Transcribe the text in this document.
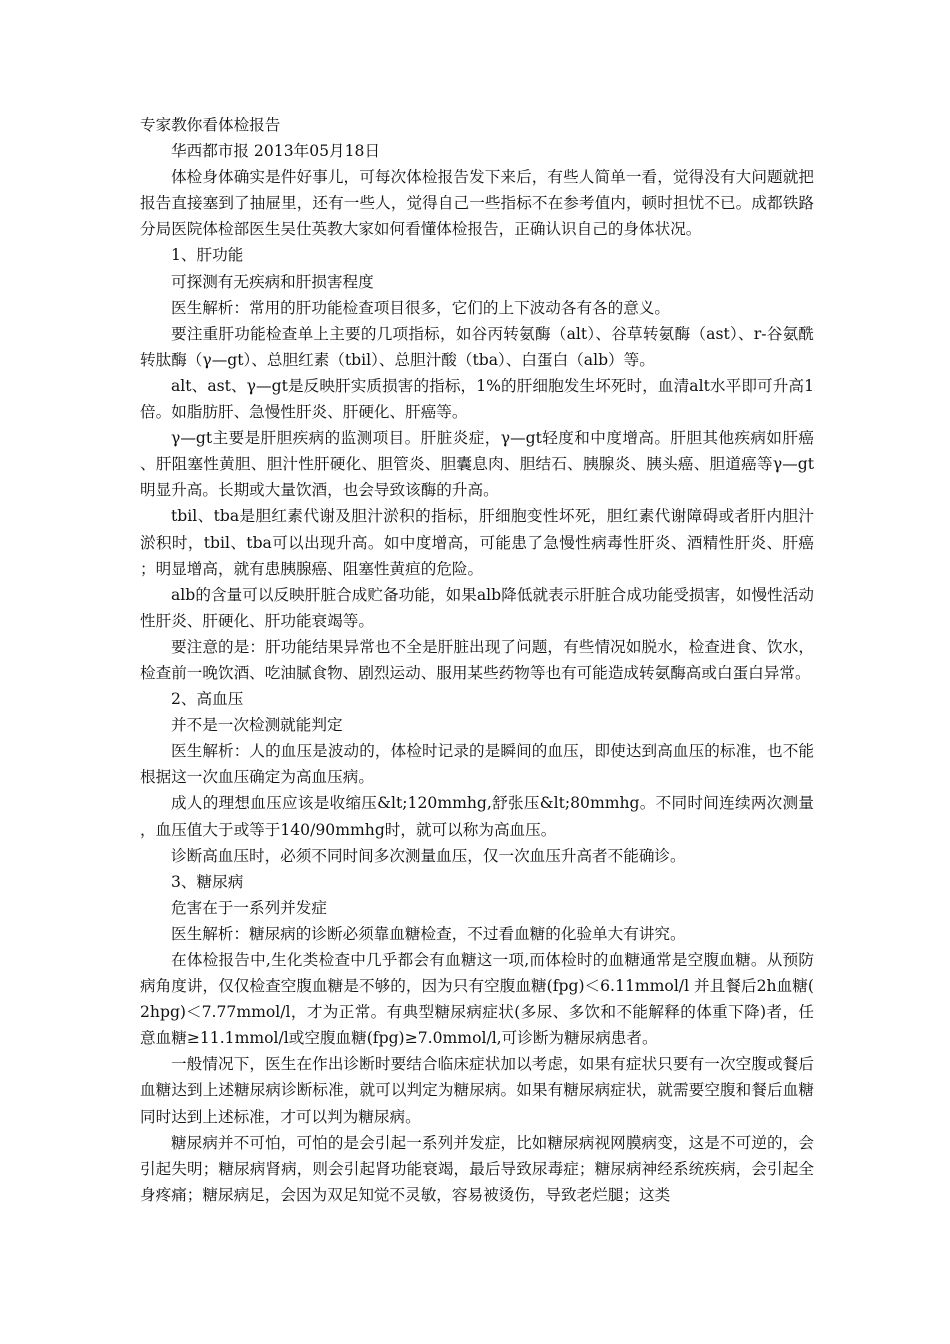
专家教你看体检报告

华西都市报 2013年05月18日

体检身体确实是件好事儿，可每次体检报告发下来后，有些人简单一看，觉得没有大问题就把报告直接塞到了抽屉里，还有一些人，觉得自己一些指标不在参考值内，顿时担忧不已。成都铁路分局医院体检部医生吴仕英教大家如何看懂体检报告，正确认识自己的身体状况。

1、肝功能

可探测有无疾病和肝损害程度

医生解析：常用的肝功能检查项目很多，它们的上下波动各有各的意义。

要注重肝功能检查单上主要的几项指标，如谷丙转氨酶（alt）、谷草转氨酶（ast）、r-谷氨酰转肽酶（γ—gt）、总胆红素（tbil）、总胆汁酸（tba）、白蛋白（alb）等。

alt、ast、γ—gt是反映肝实质损害的指标，1%的肝细胞发生坏死时，血清alt水平即可升高1倍。如脂肪肝、急慢性肝炎、肝硬化、肝癌等。

γ—gt主要是肝胆疾病的监测项目。肝脏炎症，γ—gt轻度和中度增高。肝胆其他疾病如肝癌、肝阻塞性黄胆、胆汁性肝硬化、胆管炎、胆囊息肉、胆结石、胰腺炎、胰头癌、胆道癌等γ—gt明显升高。长期或大量饮酒，也会导致该酶的升高。

tbil、tba是胆红素代谢及胆汁淤积的指标，肝细胞变性坏死，胆红素代谢障碍或者肝内胆汁淤积时，tbil、tba可以出现升高。如中度增高，可能患了急慢性病毒性肝炎、酒精性肝炎、肝癌；明显增高，就有患胰腺癌、阻塞性黄疸的危险。

alb的含量可以反映肝脏合成贮备功能，如果alb降低就表示肝脏合成功能受损害，如慢性活动性肝炎、肝硬化、肝功能衰竭等。

要注意的是：肝功能结果异常也不全是肝脏出现了问题，有些情况如脱水，检查进食、饮水，检查前一晚饮酒、吃油腻食物、剧烈运动、服用某些药物等也有可能造成转氨酶高或白蛋白异常。

2、高血压

并不是一次检测就能判定

医生解析：人的血压是波动的，体检时记录的是瞬间的血压，即使达到高血压的标准，也不能根据这一次血压确定为高血压病。

成人的理想血压应该是收缩压&lt;120mmhg,舒张压&lt;80mmhg。不同时间连续两次测量，血压值大于或等于140/90mmhg时，就可以称为高血压。

诊断高血压时，必须不同时间多次测量血压，仅一次血压升高者不能确诊。

3、糖尿病

危害在于一系列并发症

医生解析：糖尿病的诊断必须靠血糖检查，不过看血糖的化验单大有讲究。

在体检报告中,生化类检查中几乎都会有血糖这一项,而体检时的血糖通常是空腹血糖。从预防病角度讲，仅仅检查空腹血糖是不够的，因为只有空腹血糖(fpg)＜6.11mmol/l 并且餐后2h血糖(2hpg)＜7.77mmol/l，才为正常。有典型糖尿病症状(多尿、多饮和不能解释的体重下降)者，任意血糖≥11.1mmol/l或空腹血糖(fpg)≥7.0mmol/l,可诊断为糖尿病患者。

一般情况下，医生在作出诊断时要结合临床症状加以考虑，如果有症状只要有一次空腹或餐后血糖达到上述糖尿病诊断标准，就可以判定为糖尿病。如果有糖尿病症状，就需要空腹和餐后血糖同时达到上述标准，才可以判为糖尿病。

糖尿病并不可怕，可怕的是会引起一系列并发症，比如糖尿病视网膜病变，这是不可逆的，会引起失明；糖尿病肾病，则会引起肾功能衰竭，最后导致尿毒症；糖尿病神经系统疾病，会引起全身疼痛；糖尿病足，会因为双足知觉不灵敏，容易被烫伤，导致老烂腿；这类
